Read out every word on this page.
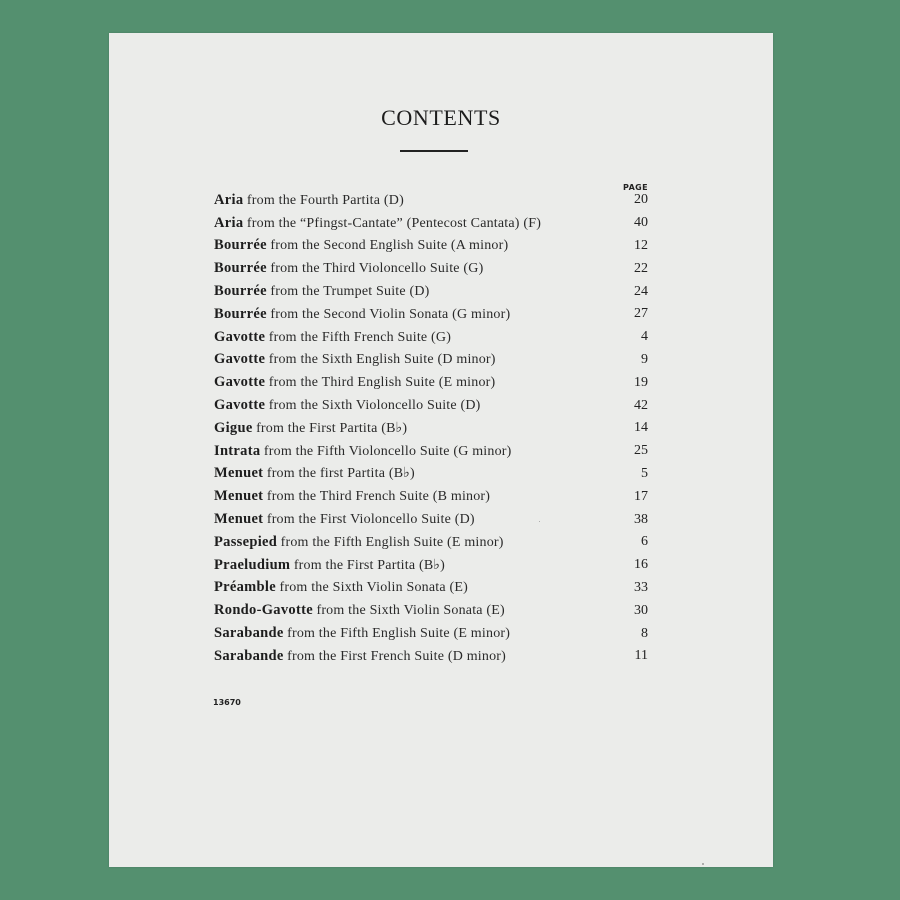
CONTENTS
PAGE
Aria from the Fourth Partita (D)	20
Aria from the “Pfingst-Cantate” (Pentecost Cantata) (F)	40
Bourrée from the Second English Suite (A minor)	12
Bourrée from the Third Violoncello Suite (G)	22
Bourrée from the Trumpet Suite (D)	24
Bourrée from the Second Violin Sonata (G minor)	27
Gavotte from the Fifth French Suite (G)	4
Gavotte from the Sixth English Suite (D minor)	9
Gavotte from the Third English Suite (E minor)	19
Gavotte from the Sixth Violoncello Suite (D)	42
Gigue from the First Partita (B♭)	14
Intrata from the Fifth Violoncello Suite (G minor)	25
Menuet from the first Partita (B♭)	5
Menuet from the Third French Suite (B minor)	17
Menuet from the First Violoncello Suite (D)	38
Passepied from the Fifth English Suite (E minor)	6
Praeludium from the First Partita (B♭)	16
Préamble from the Sixth Violin Sonata (E)	33
Rondo-Gavotte from the Sixth Violin Sonata (E)	30
Sarabande from the Fifth English Suite (E minor)	8
Sarabande from the First French Suite (D minor)	11
13670
